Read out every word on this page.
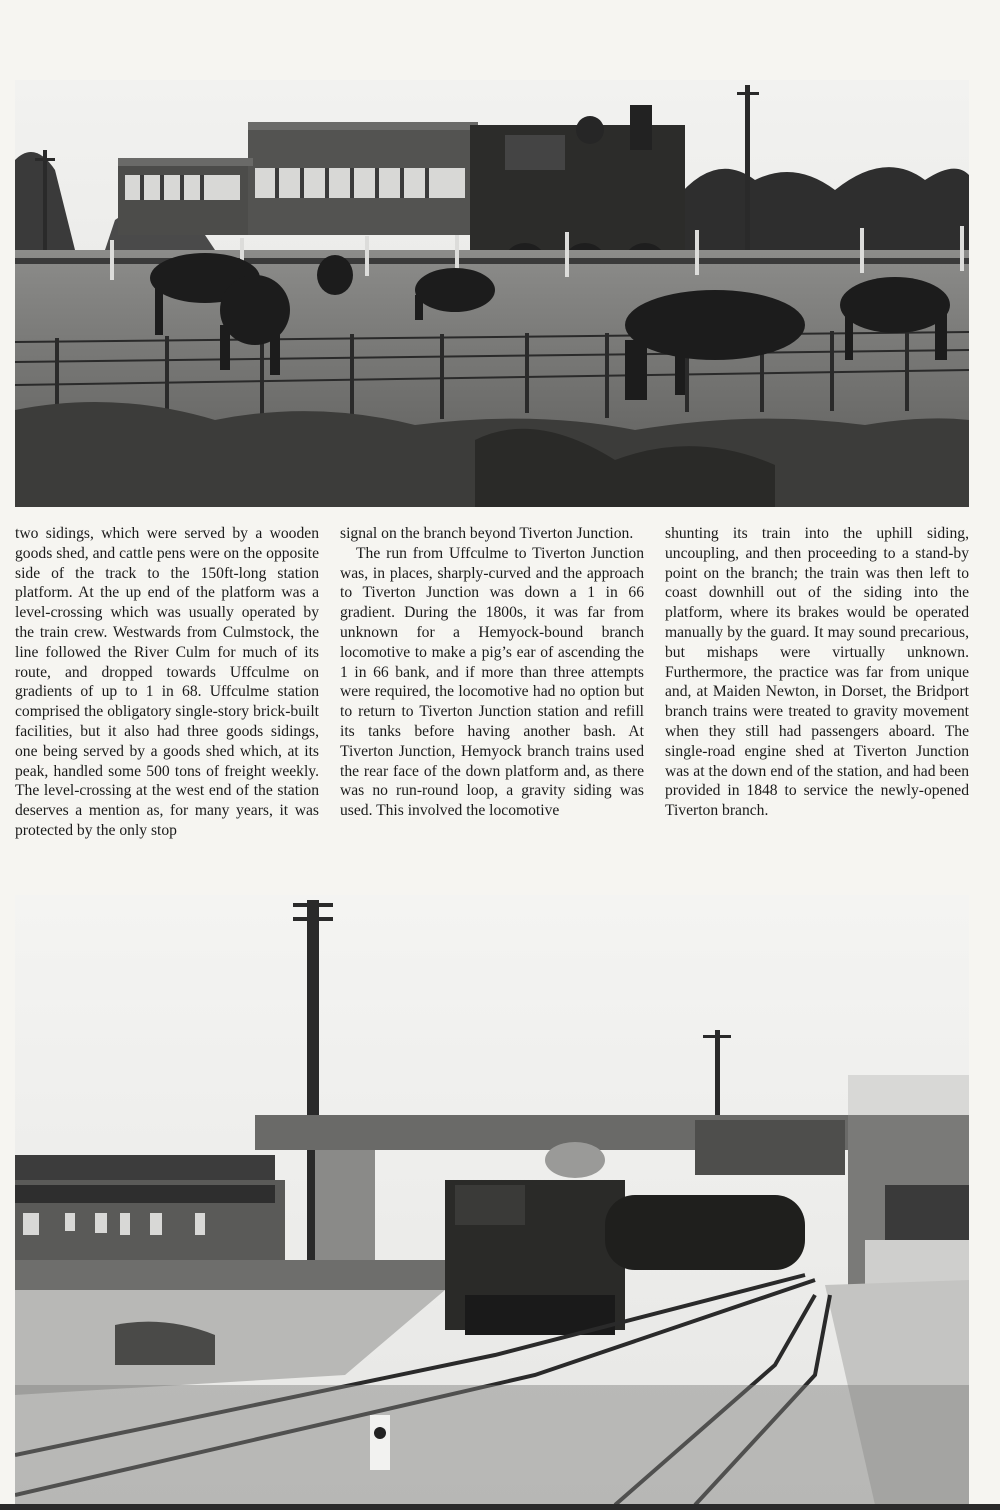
two sidings, which were served by a wooden goods shed, and cattle pens were on the opposite side of the track to the 150ft-long station platform. At the up end of the platform was a level-crossing which was usually operated by the train crew. Westwards from Culmstock, the line followed the River Culm for much of its route, and dropped towards Uffculme on gradients of up to 1 in 68. Uffculme station comprised the obligatory single-story brick-built facilities, but it also had three goods sidings, one being served by a goods shed which, at its peak, handled some 500 tons of freight weekly. The level-crossing at the west end of the station deserves a mention as, for many years, it was protected by the only stop

signal on the branch beyond Tiverton Junction.

The run from Uffculme to Tiverton Junction was, in places, sharply-curved and the approach to Tiverton Junction was down a 1 in 66 gradient. During the 1800s, it was far from unknown for a Hemyock-bound branch locomotive to make a pig’s ear of ascending the 1 in 66 bank, and if more than three attempts were required, the locomotive had no option but to return to Tiverton Junction station and refill its tanks before having another bash. At Tiverton Junction, Hemyock branch trains used the rear face of the down platform and, as there was no run-round loop, a gravity siding was used. This involved the locomotive

shunting its train into the uphill siding, uncoupling, and then proceeding to a stand-by point on the branch; the train was then left to coast downhill out of the siding into the platform, where its brakes would be operated manually by the guard. It may sound precarious, but mishaps were virtually unknown. Furthermore, the practice was far from unique and, at Maiden Newton, in Dorset, the Bridport branch trains were treated to gravity movement when they still had passengers aboard. The single-road engine shed at Tiverton Junction was at the down end of the station, and had been provided in 1848 to service the newly-opened Tiverton branch.
